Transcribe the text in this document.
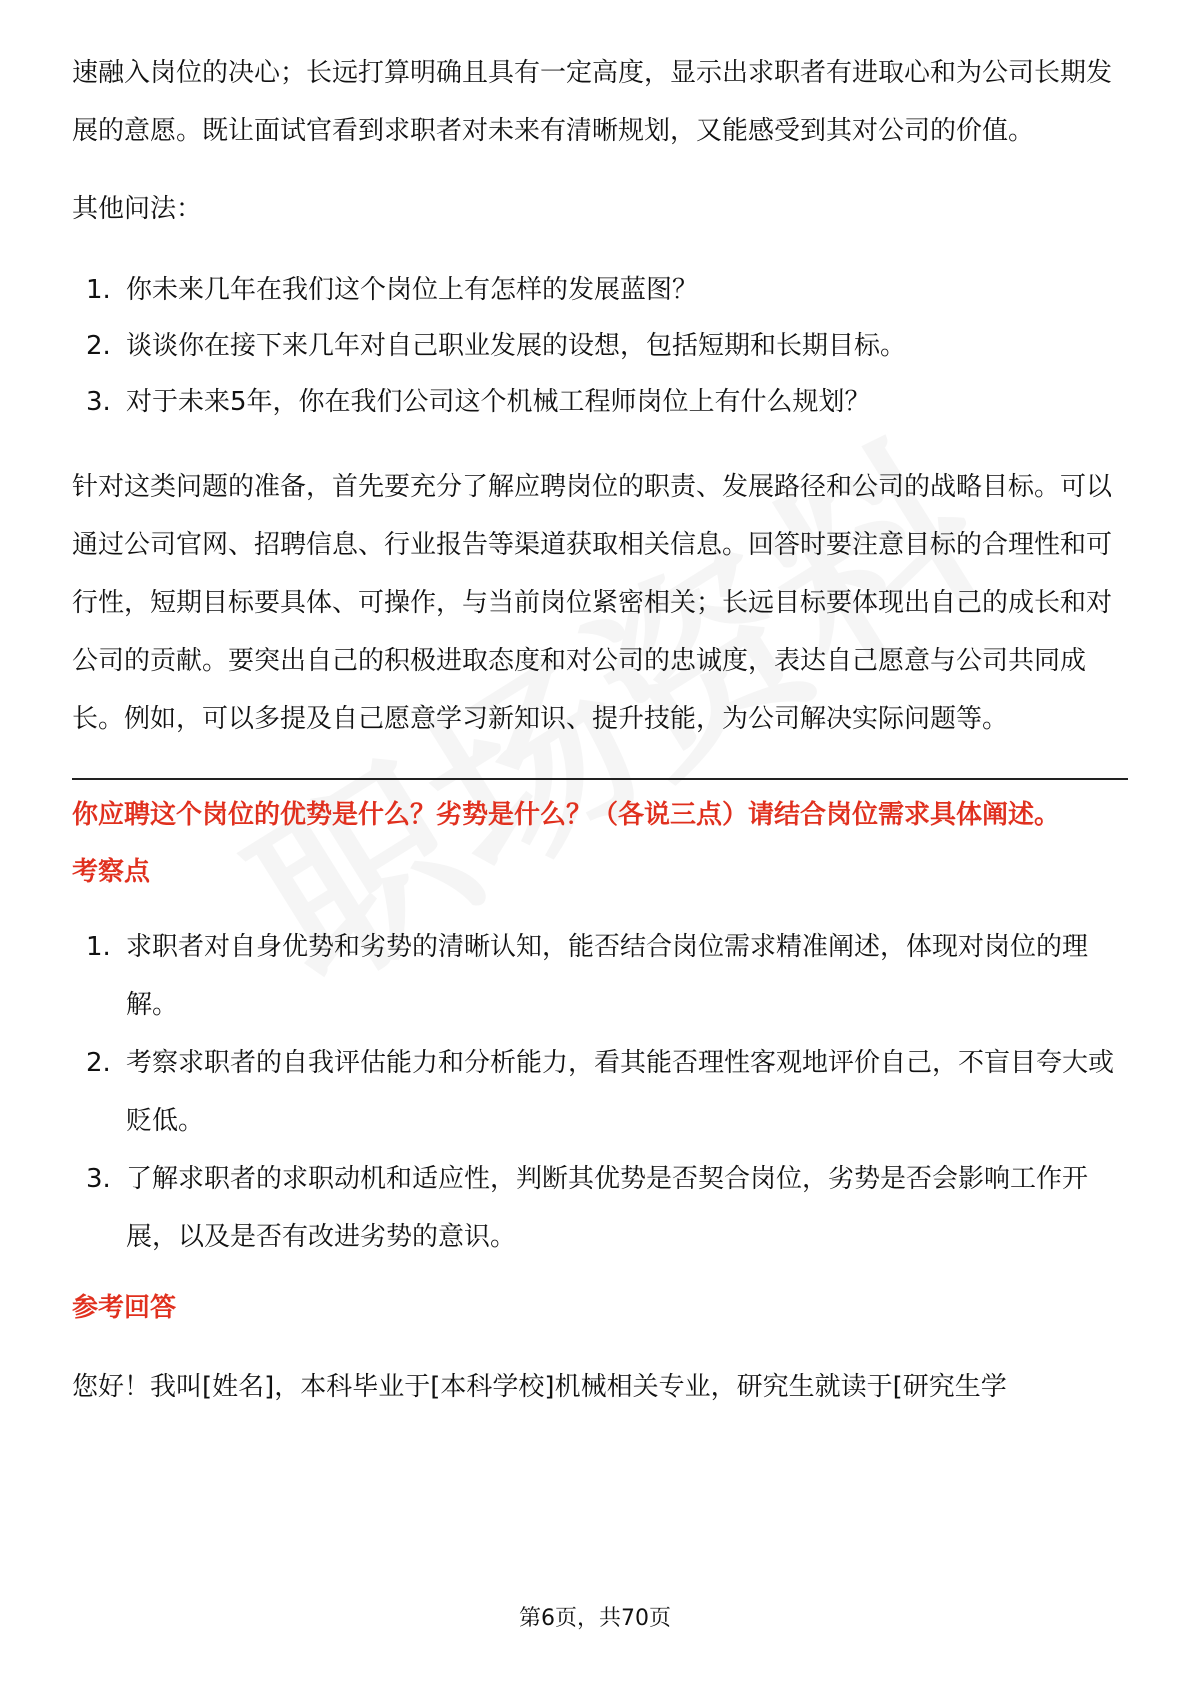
速融入岗位的决心；长远打算明确且具有一定高度，显示出求职者有进取心和为公司长期发展的意愿。既让面试官看到求职者对未来有清晰规划，又能感受到其对公司的价值。

其他问法：

1. 你未来几年在我们这个岗位上有怎样的发展蓝图？
2. 谈谈你在接下来几年对自己职业发展的设想，包括短期和长期目标。
3. 对于未来5年，你在我们公司这个机械工程师岗位上有什么规划？

针对这类问题的准备，首先要充分了解应聘岗位的职责、发展路径和公司的战略目标。可以通过公司官网、招聘信息、行业报告等渠道获取相关信息。回答时要注意目标的合理性和可行性，短期目标要具体、可操作，与当前岗位紧密相关；长远目标要体现出自己的成长和对公司的贡献。要突出自己的积极进取态度和对公司的忠诚度，表达自己愿意与公司共同成长。例如，可以多提及自己愿意学习新知识、提升技能，为公司解决实际问题等。

你应聘这个岗位的优势是什么？劣势是什么？（各说三点）请结合岗位需求具体阐述。

考察点

1. 求职者对自身优势和劣势的清晰认知，能否结合岗位需求精准阐述，体现对岗位的理解。
2. 考察求职者的自我评估能力和分析能力，看其能否理性客观地评价自己，不盲目夸大或贬低。
3. 了解求职者的求职动机和适应性，判断其优势是否契合岗位，劣势是否会影响工作开展，以及是否有改进劣势的意识。

参考回答

您好！我叫[姓名]，本科毕业于[本科学校]机械相关专业，研究生就读于[研究生学

第6页，共70页
